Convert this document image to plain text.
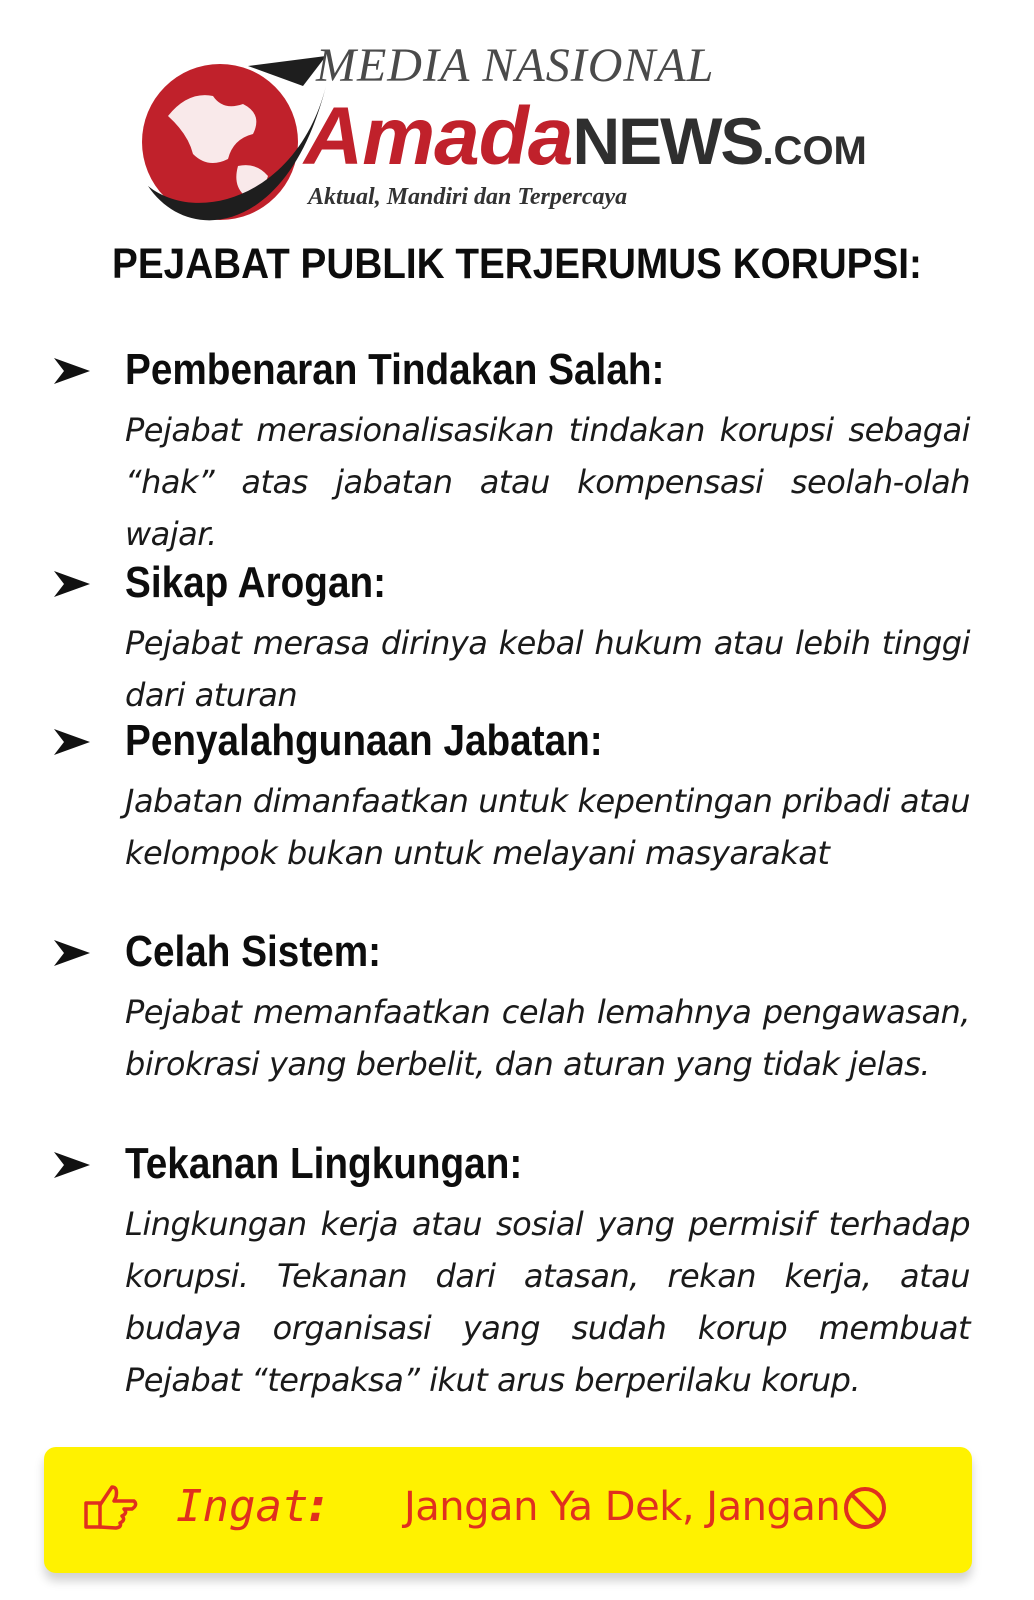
MEDIA NASIONAL
AmadaNEWS.COM
Aktual, Mandiri dan Terpercaya
PEJABAT PUBLIK TERJERUMUS KORUPSI:
Pembenaran Tindakan Salah:

Pejabat merasionalisasikan tindakan korupsi sebagai “hak” atas jabatan atau kompensasi seolah-olah wajar.

Sikap Arogan:

Pejabat merasa dirinya kebal hukum atau lebih tinggi dari aturan

Penyalahgunaan Jabatan:

Jabatan dimanfaatkan untuk kepentingan pribadi atau kelompok bukan untuk melayani masyarakat

Celah Sistem:

Pejabat memanfaatkan celah lemahnya pengawasan, birokrasi yang berbelit, dan aturan yang tidak jelas.

Tekanan Lingkungan:

Lingkungan kerja atau sosial yang permisif terhadap korupsi. Tekanan dari atasan, rekan kerja, atau budaya organisasi yang sudah korup membuat Pejabat “terpaksa” ikut arus berperilaku korup.

Ingat: Jangan Ya Dek, Jangan
